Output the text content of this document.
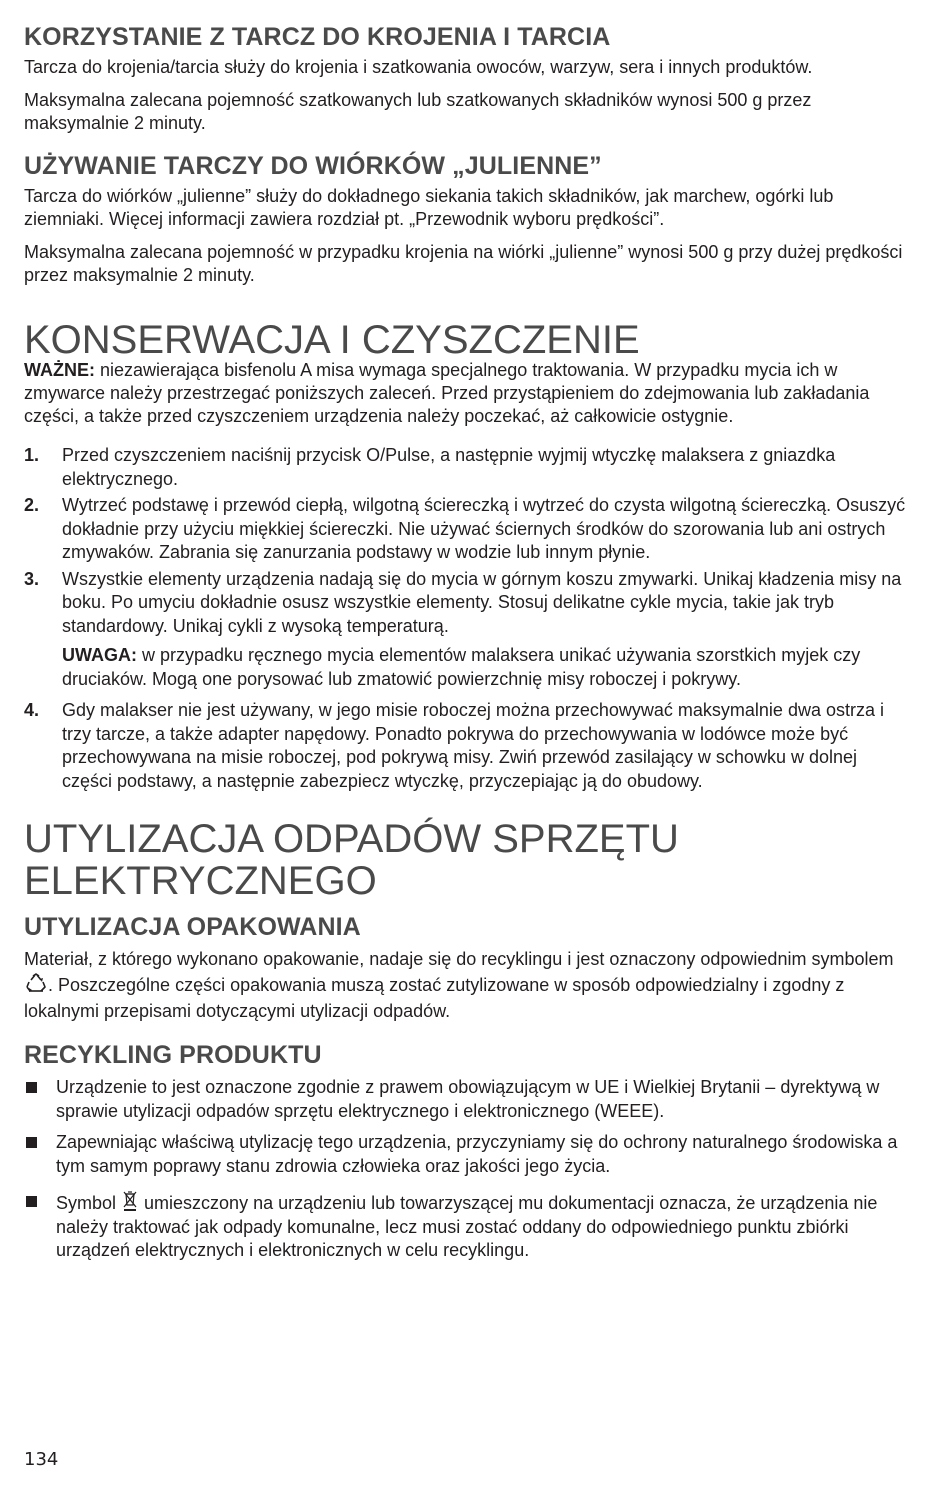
KORZYSTANIE Z TARCZ DO KROJENIA I TARCIA

Tarcza do krojenia/tarcia służy do krojenia i szatkowania owoców, warzyw, sera i innych produktów.

Maksymalna zalecana pojemność szatkowanych lub szatkowanych składników wynosi 500 g przez maksymalnie 2 minuty.

UŻYWANIE TARCZY DO WIÓRKÓW „JULIENNE”

Tarcza do wiórków „julienne” służy do dokładnego siekania takich składników, jak marchew, ogórki lub ziemniaki. Więcej informacji zawiera rozdział pt. „Przewodnik wyboru prędkości”.

Maksymalna zalecana pojemność w przypadku krojenia na wiórki „julienne” wynosi 500 g przy dużej prędkości przez maksymalnie 2 minuty.

KONSERWACJA I CZYSZCZENIE

WAŻNE: niezawierająca bisfenolu A misa wymaga specjalnego traktowania. W przypadku mycia ich w zmywarce należy przestrzegać poniższych zaleceń. Przed przystąpieniem do zdejmowania lub zakładania części, a także przed czyszczeniem urządzenia należy poczekać, aż całkowicie ostygnie.

1. Przed czyszczeniem naciśnij przycisk O/Pulse, a następnie wyjmij wtyczkę malaksera z gniazdka elektrycznego.
2. Wytrzeć podstawę i przewód ciepłą, wilgotną ściereczką i wytrzeć do czysta wilgotną ściereczką. Osuszyć dokładnie przy użyciu miękkiej ściereczki. Nie używać ściernych środków do szorowania lub ani ostrych zmywaków. Zabrania się zanurzania podstawy w wodzie lub innym płynie.
3. Wszystkie elementy urządzenia nadają się do mycia w górnym koszu zmywarki. Unikaj kładzenia misy na boku. Po umyciu dokładnie osusz wszystkie elementy. Stosuj delikatne cykle mycia, takie jak tryb standardowy. Unikaj cykli z wysoką temperaturą.
UWAGA: w przypadku ręcznego mycia elementów malaksera unikać używania szorstkich myjek czy druciaków. Mogą one porysować lub zmatowić powierzchnię misy roboczej i pokrywy.
4. Gdy malakser nie jest używany, w jego misie roboczej można przechowywać maksymalnie dwa ostrza i trzy tarcze, a także adapter napędowy. Ponadto pokrywa do przechowywania w lodówce może być przechowywana na misie roboczej, pod pokrywą misy. Zwiń przewód zasilający w schowku w dolnej części podstawy, a następnie zabezpiecz wtyczkę, przyczepiając ją do obudowy.
UTYLIZACJA ODPADÓW SPRZĘTU ELEKTRYCZNEGO
UTYLIZACJA OPAKOWANIA

Materiał, z którego wykonano opakowanie, nadaje się do recyklingu i jest oznaczony odpowiednim symbolem . Poszczególne części opakowania muszą zostać zutylizowane w sposób odpowiedzialny i zgodny z lokalnymi przepisami dotyczącymi utylizacji odpadów.

RECYKLING PRODUKTU
Urządzenie to jest oznaczone zgodnie z prawem obowiązującym w UE i Wielkiej Brytanii – dyrektywą w sprawie utylizacji odpadów sprzętu elektrycznego i elektronicznego (WEEE).
Zapewniając właściwą utylizację tego urządzenia, przyczyniamy się do ochrony naturalnego środowiska a tym samym poprawy stanu zdrowia człowieka oraz jakości jego życia.
Symbol  umieszczony na urządzeniu lub towarzyszącej mu dokumentacji oznacza, że urządzenia nie należy traktować jak odpady komunalne, lecz musi zostać oddany do odpowiedniego punktu zbiórki urządzeń elektrycznych i elektronicznych w celu recyklingu.
134
